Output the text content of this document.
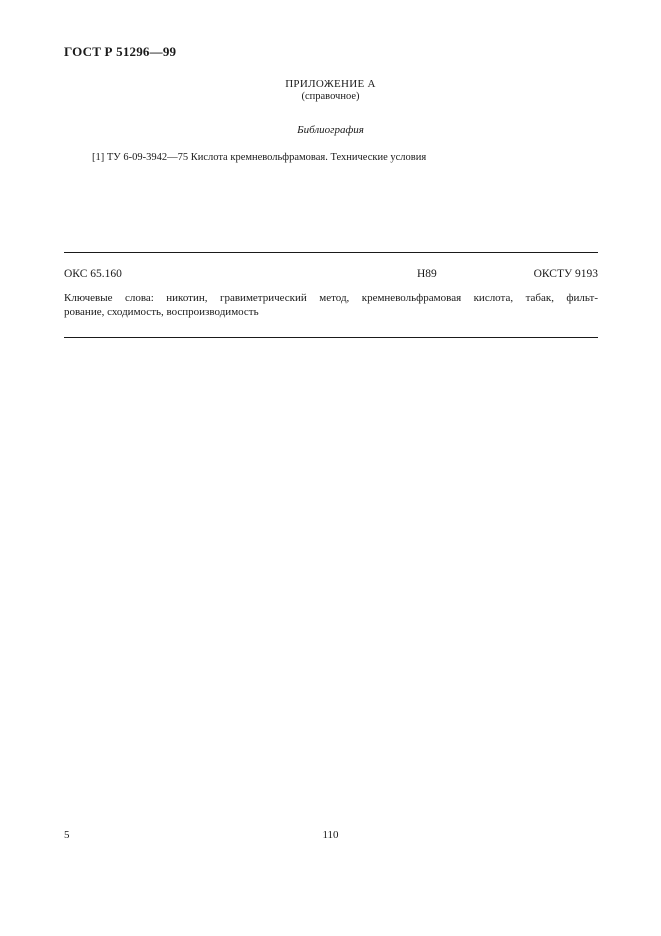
ГОСТ Р 51296—99
ПРИЛОЖЕНИЕ А
(справочное)
Библиография
[1] ТУ 6-09-3942—75 Кислота кремневольфрамовая. Технические условия
ОКС 65.160	Н89	ОКСТУ 9193
Ключевые слова: никотин, гравиметрический метод, кремневольфрамовая кислота, табак, фильт-
рование, сходимость, воспроизводимость
5	110
